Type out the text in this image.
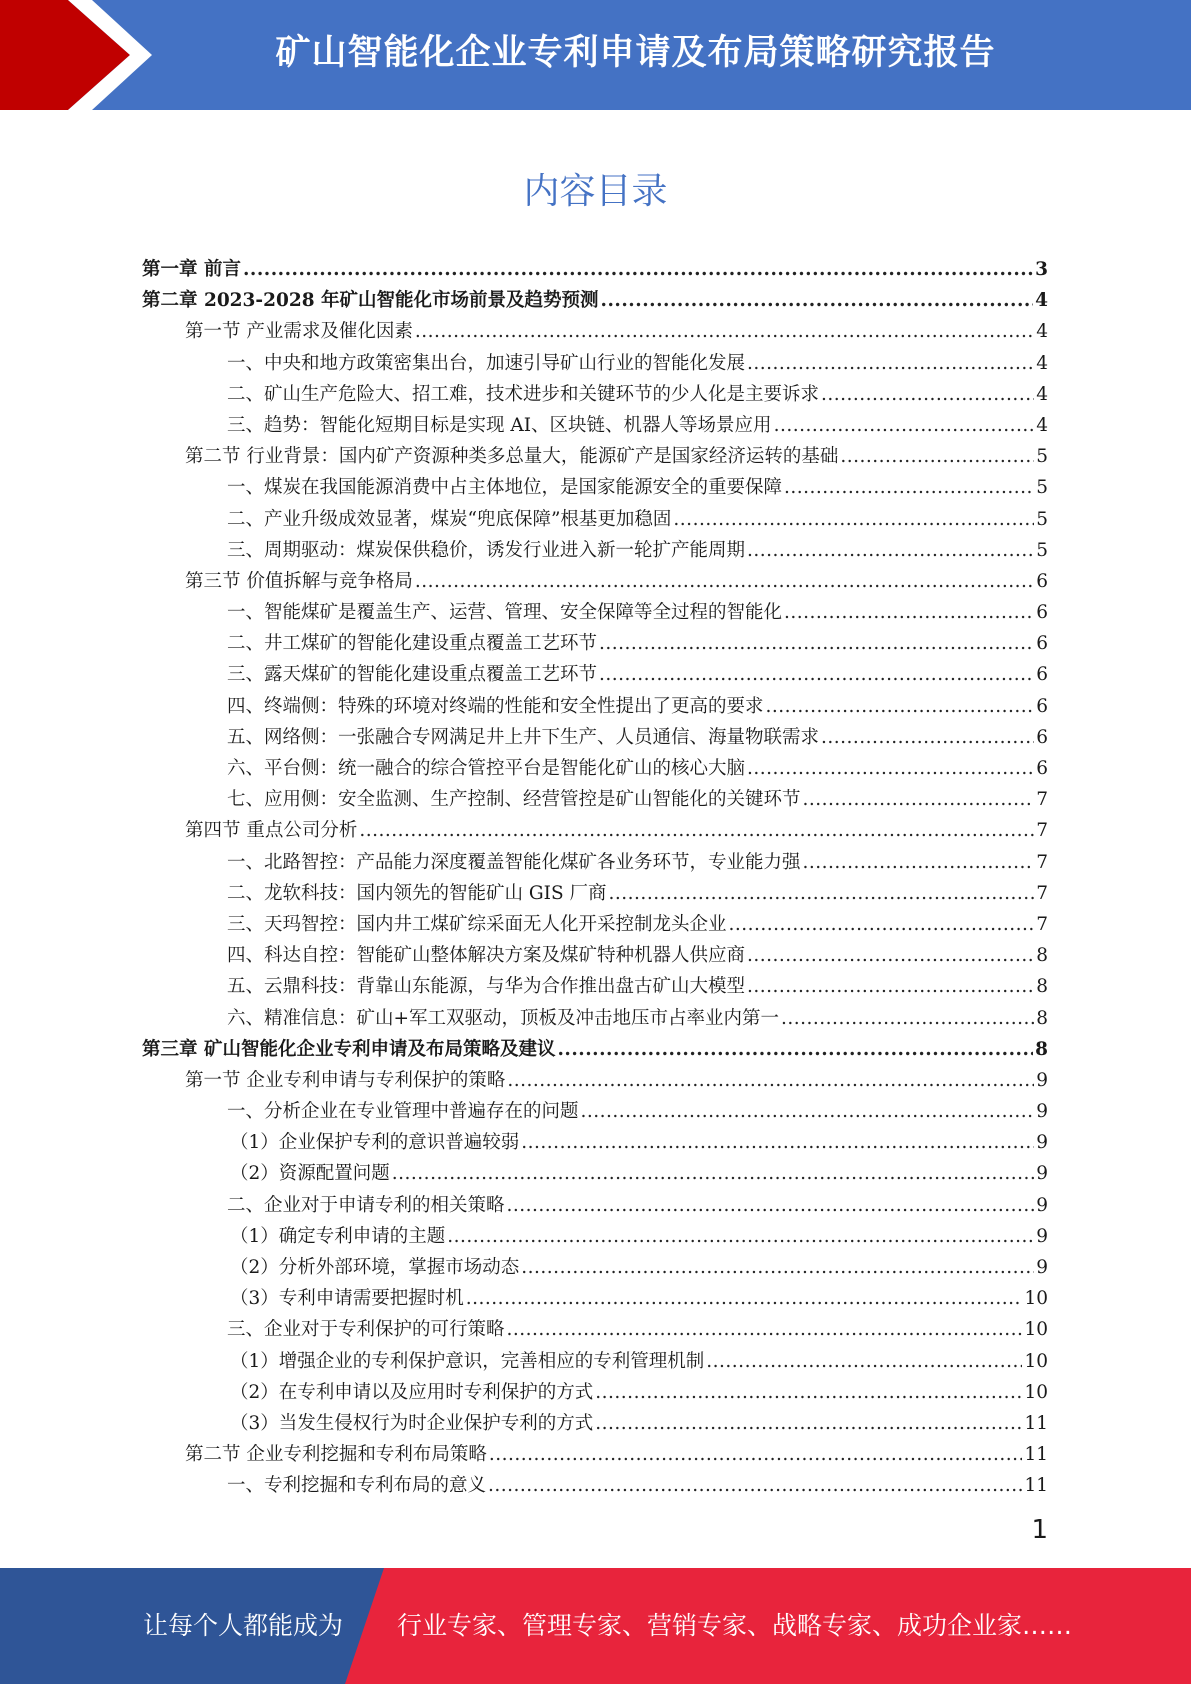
矿山智能化企业专利申请及布局策略研究报告
内容目录
第一章 前言 .....	3
第二章 2023-2028 年矿山智能化市场前景及趋势预测 .....	4
第一节 产业需求及催化因素 .....	4
一、中央和地方政策密集出台，加速引导矿山行业的智能化发展 .....	4
二、矿山生产危险大、招工难，技术进步和关键环节的少人化是主要诉求 .....	4
三、趋势：智能化短期目标是实现 AI、区块链、机器人等场景应用 .....	4
第二节 行业背景：国内矿产资源种类多总量大，能源矿产是国家经济运转的基础 .....	5
一、煤炭在我国能源消费中占主体地位，是国家能源安全的重要保障 .....	5
二、产业升级成效显著，煤炭“兜底保障”根基更加稳固 .....	5
三、周期驱动：煤炭保供稳价，诱发行业进入新一轮扩产能周期 .....	5
第三节 价值拆解与竞争格局 .....	6
一、智能煤矿是覆盖生产、运营、管理、安全保障等全过程的智能化 .....	6
二、井工煤矿的智能化建设重点覆盖工艺环节 .....	6
三、露天煤矿的智能化建设重点覆盖工艺环节 .....	6
四、终端侧：特殊的环境对终端的性能和安全性提出了更高的要求 .....	6
五、网络侧：一张融合专网满足井上井下生产、人员通信、海量物联需求 .....	6
六、平台侧：统一融合的综合管控平台是智能化矿山的核心大脑 .....	6
七、应用侧：安全监测、生产控制、经营管控是矿山智能化的关键环节 .....	7
第四节 重点公司分析 .....	7
一、北路智控：产品能力深度覆盖智能化煤矿各业务环节，专业能力强 .....	7
二、龙软科技：国内领先的智能矿山 GIS 厂商 .....	7
三、天玛智控：国内井工煤矿综采面无人化开采控制龙头企业 .....	7
四、科达自控：智能矿山整体解决方案及煤矿特种机器人供应商 .....	8
五、云鼎科技：背靠山东能源，与华为合作推出盘古矿山大模型 .....	8
六、精准信息：矿山+军工双驱动，顶板及冲击地压市占率业内第一 .....	8
第三章 矿山智能化企业专利申请及布局策略及建议 .....	8
第一节 企业专利申请与专利保护的策略 .....	9
一、分析企业在专业管理中普遍存在的问题 .....	9
（1）企业保护专利的意识普遍较弱 .....	9
（2）资源配置问题 .....	9
二、企业对于申请专利的相关策略 .....	9
（1）确定专利申请的主题 .....	9
（2）分析外部环境，掌握市场动态 .....	9
（3）专利申请需要把握时机 .....	10
三、企业对于专利保护的可行策略 .....	10
（1）增强企业的专利保护意识，完善相应的专利管理机制 .....	10
（2）在专利申请以及应用时专利保护的方式 .....	10
（3）当发生侵权行为时企业保护专利的方式 .....	11
第二节 企业专利挖掘和专利布局策略 .....	11
一、专利挖掘和专利布局的意义 .....	11
1
让每个人都能成为 行业专家、管理专家、营销专家、战略专家、成功企业家……
